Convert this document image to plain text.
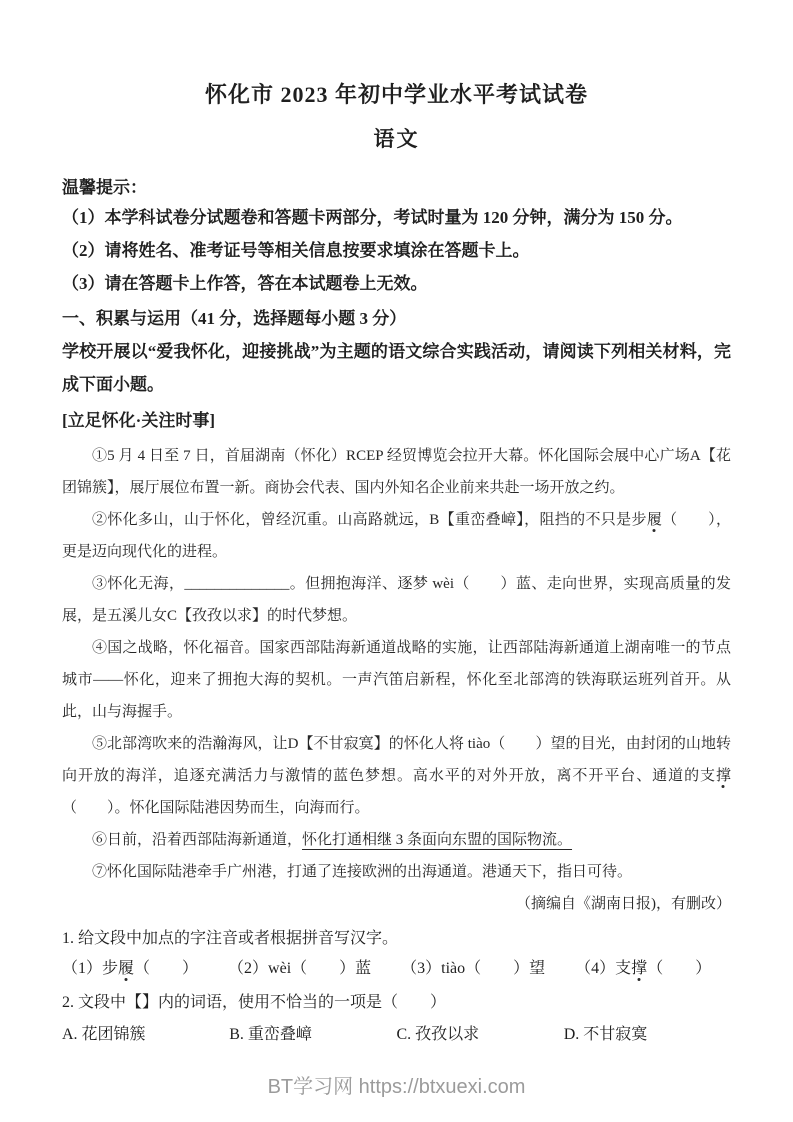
怀化市 2023 年初中学业水平考试试卷
语文

温馨提示：

（1）本学科试卷分试题卷和答题卡两部分，考试时量为 120 分钟，满分为 150 分。

（2）请将姓名、准考证号等相关信息按要求填涂在答题卡上。

（3）请在答题卡上作答，答在本试题卷上无效。

一、积累与运用（41 分，选择题每小题 3 分）

学校开展以“爱我怀化，迎接挑战”为主题的语文综合实践活动，请阅读下列相关材料，完成下面小题。

[立足怀化·关注时事]

①5 月 4 日至 7 日，首届湖南（怀化）RCEP 经贸博览会拉开大幕。怀化国际会展中心广场A【花团锦簇】，展厅展位布置一新。商协会代表、国内外知名企业前来共赴一场开放之约。

②怀化多山，山于怀化，曾经沉重。山高路就远，B【重峦叠嶂】，阻挡的不只是步履（　　），更是迈向现代化的进程。

③怀化无海，______________。但拥抱海洋、逐梦 wèi（　　）蓝、走向世界，实现高质量的发展，是五溪儿女C【孜孜以求】的时代梦想。

④国之战略，怀化福音。国家西部陆海新通道战略的实施，让西部陆海新通道上湖南唯一的节点城市——怀化，迎来了拥抱大海的契机。一声汽笛启新程，怀化至北部湾的铁海联运班列首开。从此，山与海握手。

⑤北部湾吹来的浩瀚海风，让D【不甘寂寞】的怀化人将 tiào（　　）望的目光，由封闭的山地转向开放的海洋，追逐充满活力与激情的蓝色梦想。高水平的对外开放，离不开平台、通道的支撑（　　）。怀化国际陆港因势而生，向海而行。

⑥日前，沿着西部陆海新通道，怀化打通相继 3 条面向东盟的国际物流。

⑦怀化国际陆港牵手广州港，打通了连接欧洲的出海通道。港通天下，指日可待。

（摘编自《湖南日报)，有删改）

1. 给文段中加点的字注音或者根据拼音写汉字。

（1）步履（　　） （2）wèi（　　）蓝 （3）tiào（　　）望 （4）支撑（　　）

2. 文段中【】内的词语，使用不恰当的一项是（　　）

A. 花团锦簇	B. 重峦叠嶂	C. 孜孜以求	D. 不甘寂寞
BT学习网 https://btxuexi.com
